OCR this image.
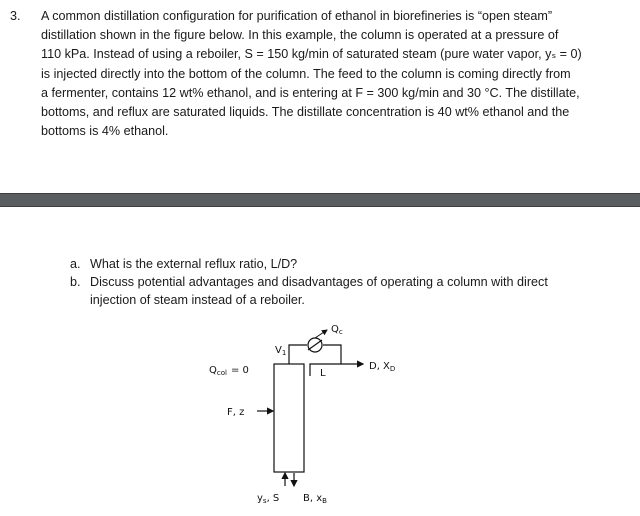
3. A common distillation configuration for purification of ethanol in biorefineries is “open steam”
distillation shown in the figure below. In this example, the column is operated at a pressure of
110 kPa. Instead of using a reboiler, S = 150 kg/min of saturated steam (pure water vapor, yₛ = 0)
is injected directly into the bottom of the column. The feed to the column is coming directly from
a fermenter, contains 12 wt% ethanol, and is entering at F = 300 kg/min and 30 °C. The distillate,
bottoms, and reflux are saturated liquids. The distillate concentration is 40 wt% ethanol and the
bottoms is 4% ethanol.
a. What is the external reflux ratio, L/D?
b. Discuss potential advantages and disadvantages of operating a column with direct injection of steam instead of a reboiler.
$Q_c$
$V_1$
$Q_{col} = 0$	L
D, $X_D$
F, z
$y_s$, S B, $x_B$
